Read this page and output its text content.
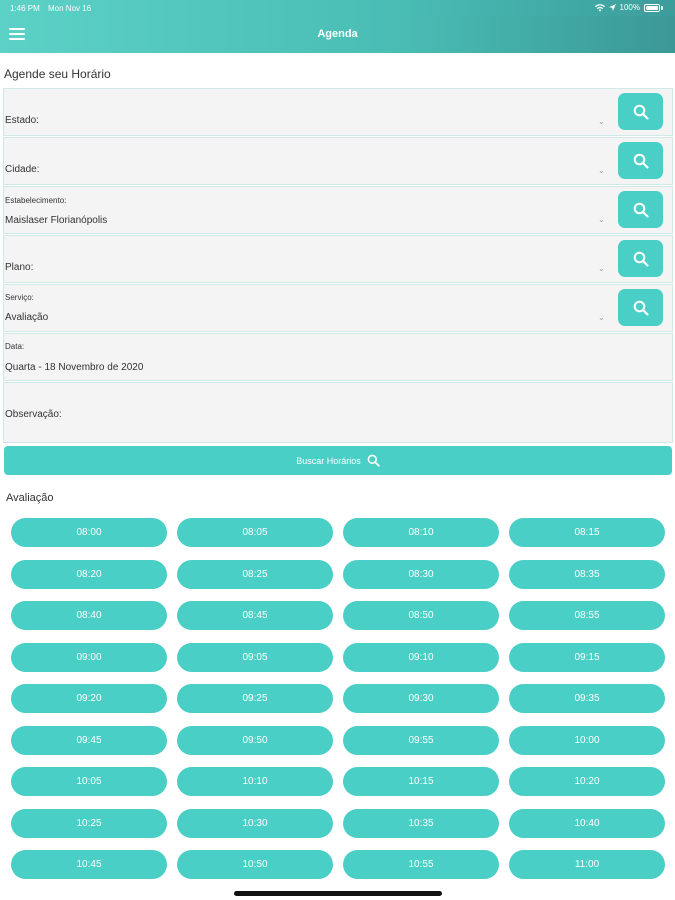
1:46 PM Mon Nov 16	100%
Agenda
Agende seu Horário
Estado:	⌄
Cidade:	⌄
Estabelecimento:
Maislaser Florianópolis	⌄
Plano:	⌄
Serviço:
Avaliação	⌄
Data:
Quarta - 18 Novembro de 2020
Observação:
Buscar Horários
Avaliação
08:00	08:05	08:10	08:15
08:20	08:25	08:30	08:35
08:40	08:45	08:50	08:55
09:00	09:05	09:10	09:15
09:20	09:25	09:30	09:35
09:45	09:50	09:55	10:00
10:05	10:10	10:15	10:20
10:25	10:30	10:35	10:40
10:45	10:50	10:55	11:00
